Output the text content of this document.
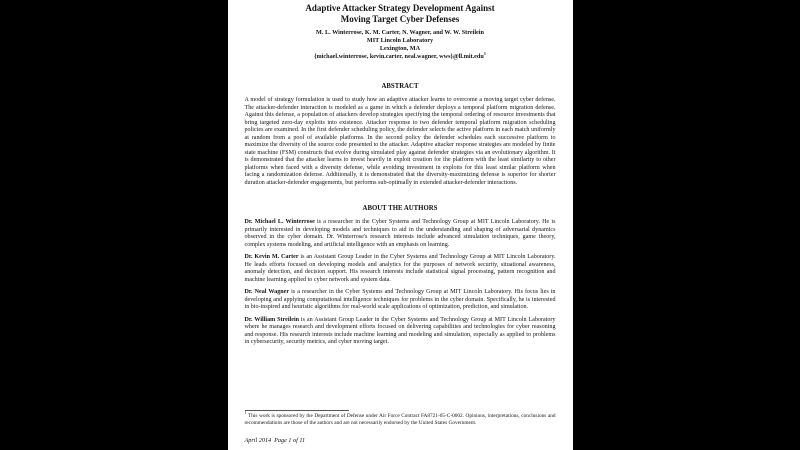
Adaptive Attacker Strategy Development Against
Moving Target Cyber Defenses
M. L. Winterrose, K. M. Carter, N. Wagner, and W. W. Streilein
MIT Lincoln Laboratory
Lexington, MA
{michael.winterrose, kevin.carter, neal.wagner, wws}@ll.mit.edu$^1$
ABSTRACT

A model of strategy formulation is used to study how an adaptive attacker learns to overcome a moving target cyber defense. The attacker-defender interaction is modeled as a game in which a defender deploys a temporal platform migration defense. Against this defense, a population of attackers develop strategies specifying the temporal ordering of resource investments that bring targeted zero-day exploits into existence. Attacker response to two defender temporal platform migration scheduling policies are examined. In the first defender scheduling policy, the defender selects the active platform in each match uniformly at random from a pool of available platforms. In the second policy the defender schedules each successive platform to maximize the diversity of the source code presented to the attacker. Adaptive attacker response strategies are modeled by finite state machine (FSM) constructs that evolve during simulated play against defender strategies via an evolutionary algorithm. It is demonstrated that the attacker learns to invest heavily in exploit creation for the platform with the least similarity to other platforms when faced with a diversity defense, while avoiding investment in exploits for this least similar platform when facing a randomization defense. Additionally, it is demonstrated that the diversity-maximizing defense is superior for shorter duration attacker-defender engagements, but performs sub-optimally in extended attacker-defender interactions.

ABOUT THE AUTHORS

Dr. Michael L. Winterrose is a researcher in the Cyber Systems and Technology Group at MIT Lincoln Laboratory. He is primarily interested in developing models and techniques to aid in the understanding and shaping of adversarial dynamics observed in the cyber domain. Dr. Winterrose's research interests include advanced simulation techniques, game theory, complex systems modeling, and artificial intelligence with an emphasis on learning.

Dr. Kevin M. Carter is an Assistant Group Leader in the Cyber Systems and Technology Group at MIT Lincoln Laboratory. He leads efforts focused on developing models and analytics for the purposes of network security, situational awareness, anomaly detection, and decision support. His research interests include statistical signal processing, pattern recognition and machine learning applied to cyber network and system data.

Dr. Neal Wagner is a researcher in the Cyber Systems and Technology Group at MIT Lincoln Laboratory. His focus lies in developing and applying computational intelligence techniques for problems in the cyber domain. Specifically, he is interested in bio-inspired and heuristic algorithms for real-world scale applications of optimization, prediction, and simulation.

Dr. William Streilein is an Assistant Group Leader in the Cyber Systems and Technology Group at MIT Lincoln Laboratory where he manages research and development efforts focused on delivering capabilities and technologies for cyber reasoning and response. His research interests include machine learning and modeling and simulation, especially as applied to problems in cybersecurity, security metrics, and cyber moving target.

$^1$ This work is sponsored by the Department of Defense under Air Force Contract FA8721-05-C-0002. Opinions, interpretations, conclusions and recommendations are those of the authors and are not necessarily endorsed by the United States Government.

April 2014 Page 1 of 11
